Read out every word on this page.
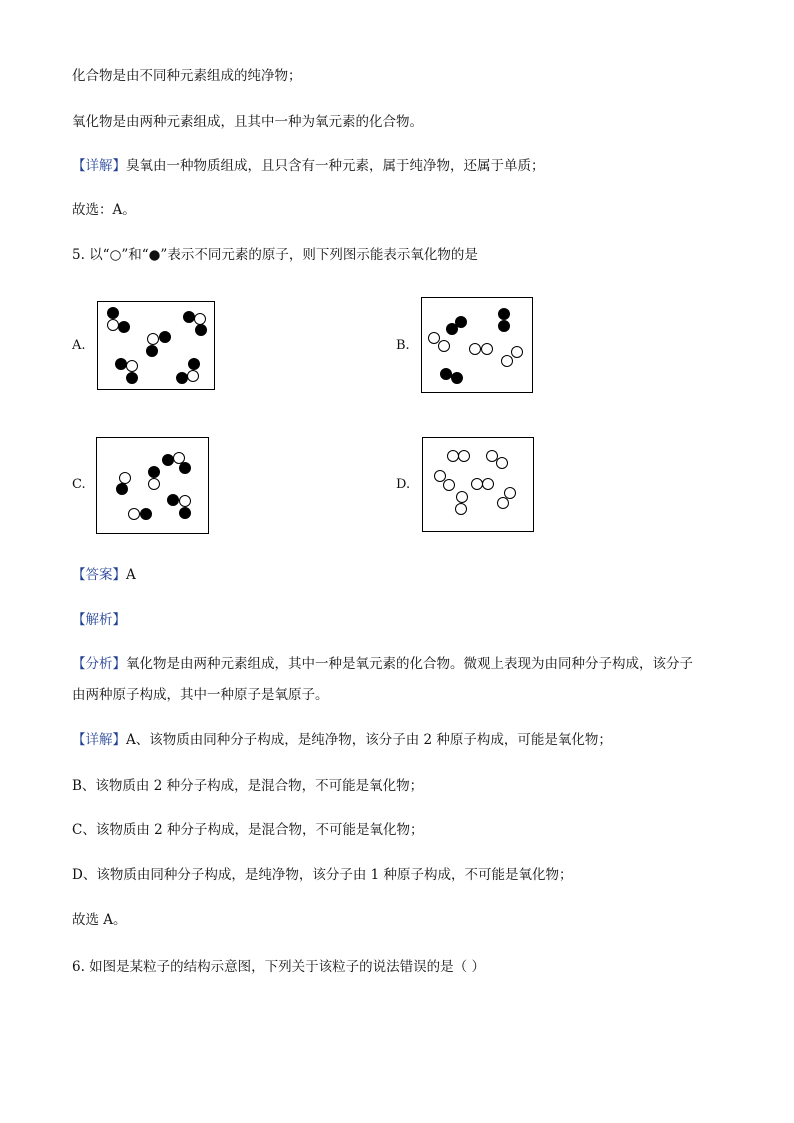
化合物是由不同种元素组成的纯净物；
氧化物是由两种元素组成，且其中一种为氧元素的化合物。
【详解】臭氧由一种物质组成，且只含有一种元素，属于纯净物，还属于单质；
故选：A。
5. 以“○”和“●”表示不同元素的原子，则下列图示能表示氧化物的是
A.	B.
C.	D.
【答案】A
【解析】
【分析】氧化物是由两种元素组成，其中一种是氧元素的化合物。微观上表现为由同种分子构成，该分子
由两种原子构成，其中一种原子是氧原子。
【详解】A、该物质由同种分子构成，是纯净物，该分子由 2 种原子构成，可能是氧化物；
B、该物质由 2 种分子构成，是混合物，不可能是氧化物；
C、该物质由 2 种分子构成，是混合物，不可能是氧化物；
D、该物质由同种分子构成，是纯净物，该分子由 1 种原子构成，不可能是氧化物；
故选 A。
6. 如图是某粒子的结构示意图，下列关于该粒子的说法错误的是（ ）
